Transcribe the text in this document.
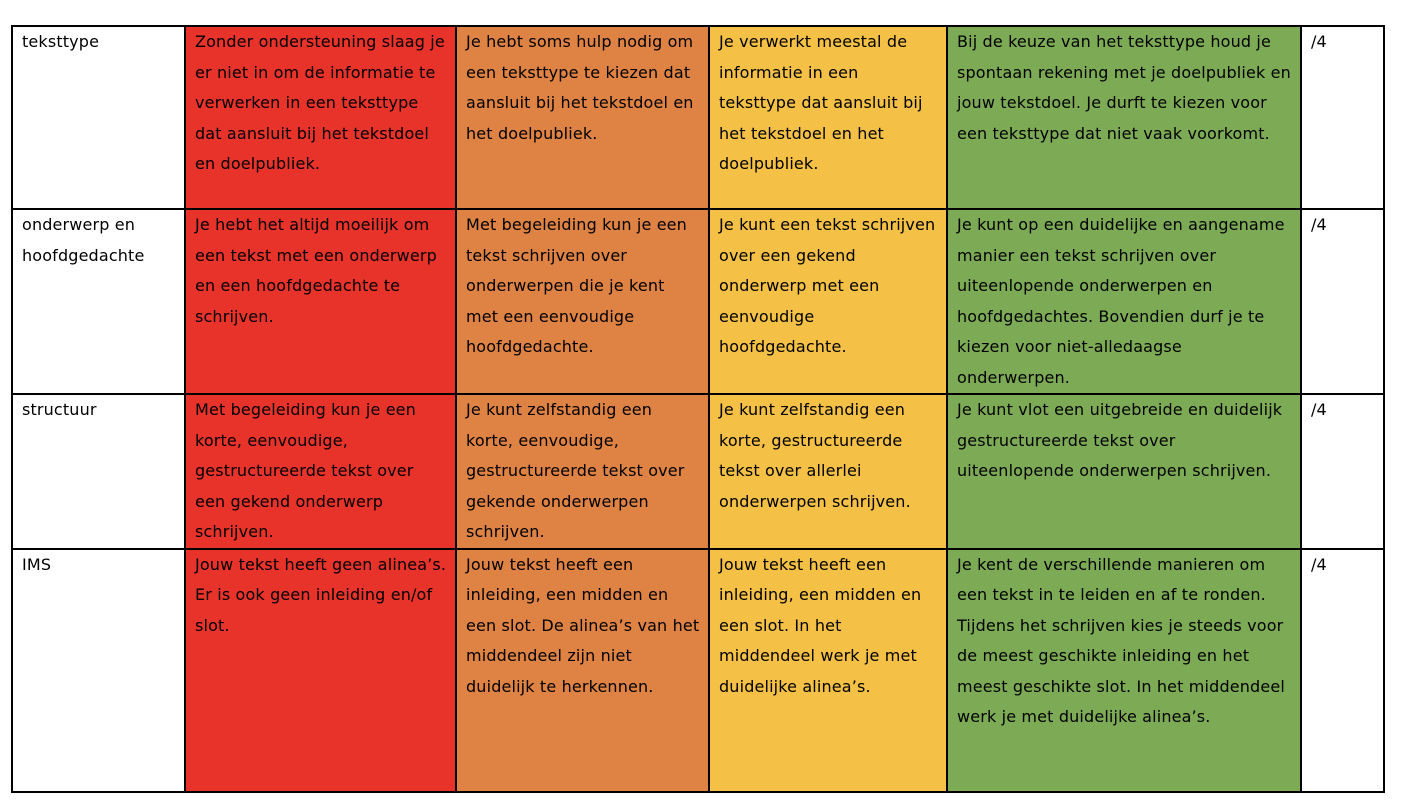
teksttype	Zonder ondersteuning slaag je er niet in om de informatie te verwerken in een teksttype dat aansluit bij het tekstdoel en doelpubliek.	Je hebt soms hulp nodig om een teksttype te kiezen dat aansluit bij het tekstdoel en het doelpubliek.	Je verwerkt meestal de informatie in een teksttype dat aansluit bij het tekstdoel en het doelpubliek.	Bij de keuze van het teksttype houd je spontaan rekening met je doelpubliek en jouw tekstdoel. Je durft te kiezen voor een teksttype dat niet vaak voorkomt.	/4

onderwerp en hoofdgedachte	Je hebt het altijd moeilijk om een tekst met een onderwerp en een hoofdgedachte te schrijven.	Met begeleiding kun je een tekst schrijven over onderwerpen die je kent met een eenvoudige hoofdgedachte.	Je kunt een tekst schrijven over een gekend onderwerp met een eenvoudige hoofdgedachte.	Je kunt op een duidelijke en aangename manier een tekst schrijven over uiteenlopende onderwerpen en hoofdgedachtes. Bovendien durf je te kiezen voor niet-alledaagse onderwerpen.	/4

structuur	Met begeleiding kun je een korte, eenvoudige, gestructureerde tekst over een gekend onderwerp schrijven.	Je kunt zelfstandig een korte, eenvoudige, gestructureerde tekst over gekende onderwerpen schrijven.	Je kunt zelfstandig een korte, gestructureerde tekst over allerlei onderwerpen schrijven.	Je kunt vlot een uitgebreide en duidelijk gestructureerde tekst over uiteenlopende onderwerpen schrijven.	/4

IMS	Jouw tekst heeft geen alinea’s. Er is ook geen inleiding en/of slot.	Jouw tekst heeft een inleiding, een midden en een slot. De alinea’s van het middendeel zijn niet duidelijk te herkennen.	Jouw tekst heeft een inleiding, een midden en een slot. In het middendeel werk je met duidelijke alinea’s.	Je kent de verschillende manieren om een tekst in te leiden en af te ronden. Tijdens het schrijven kies je steeds voor de meest geschikte inleiding en het meest geschikte slot. In het middendeel werk je met duidelijke alinea’s.	/4
